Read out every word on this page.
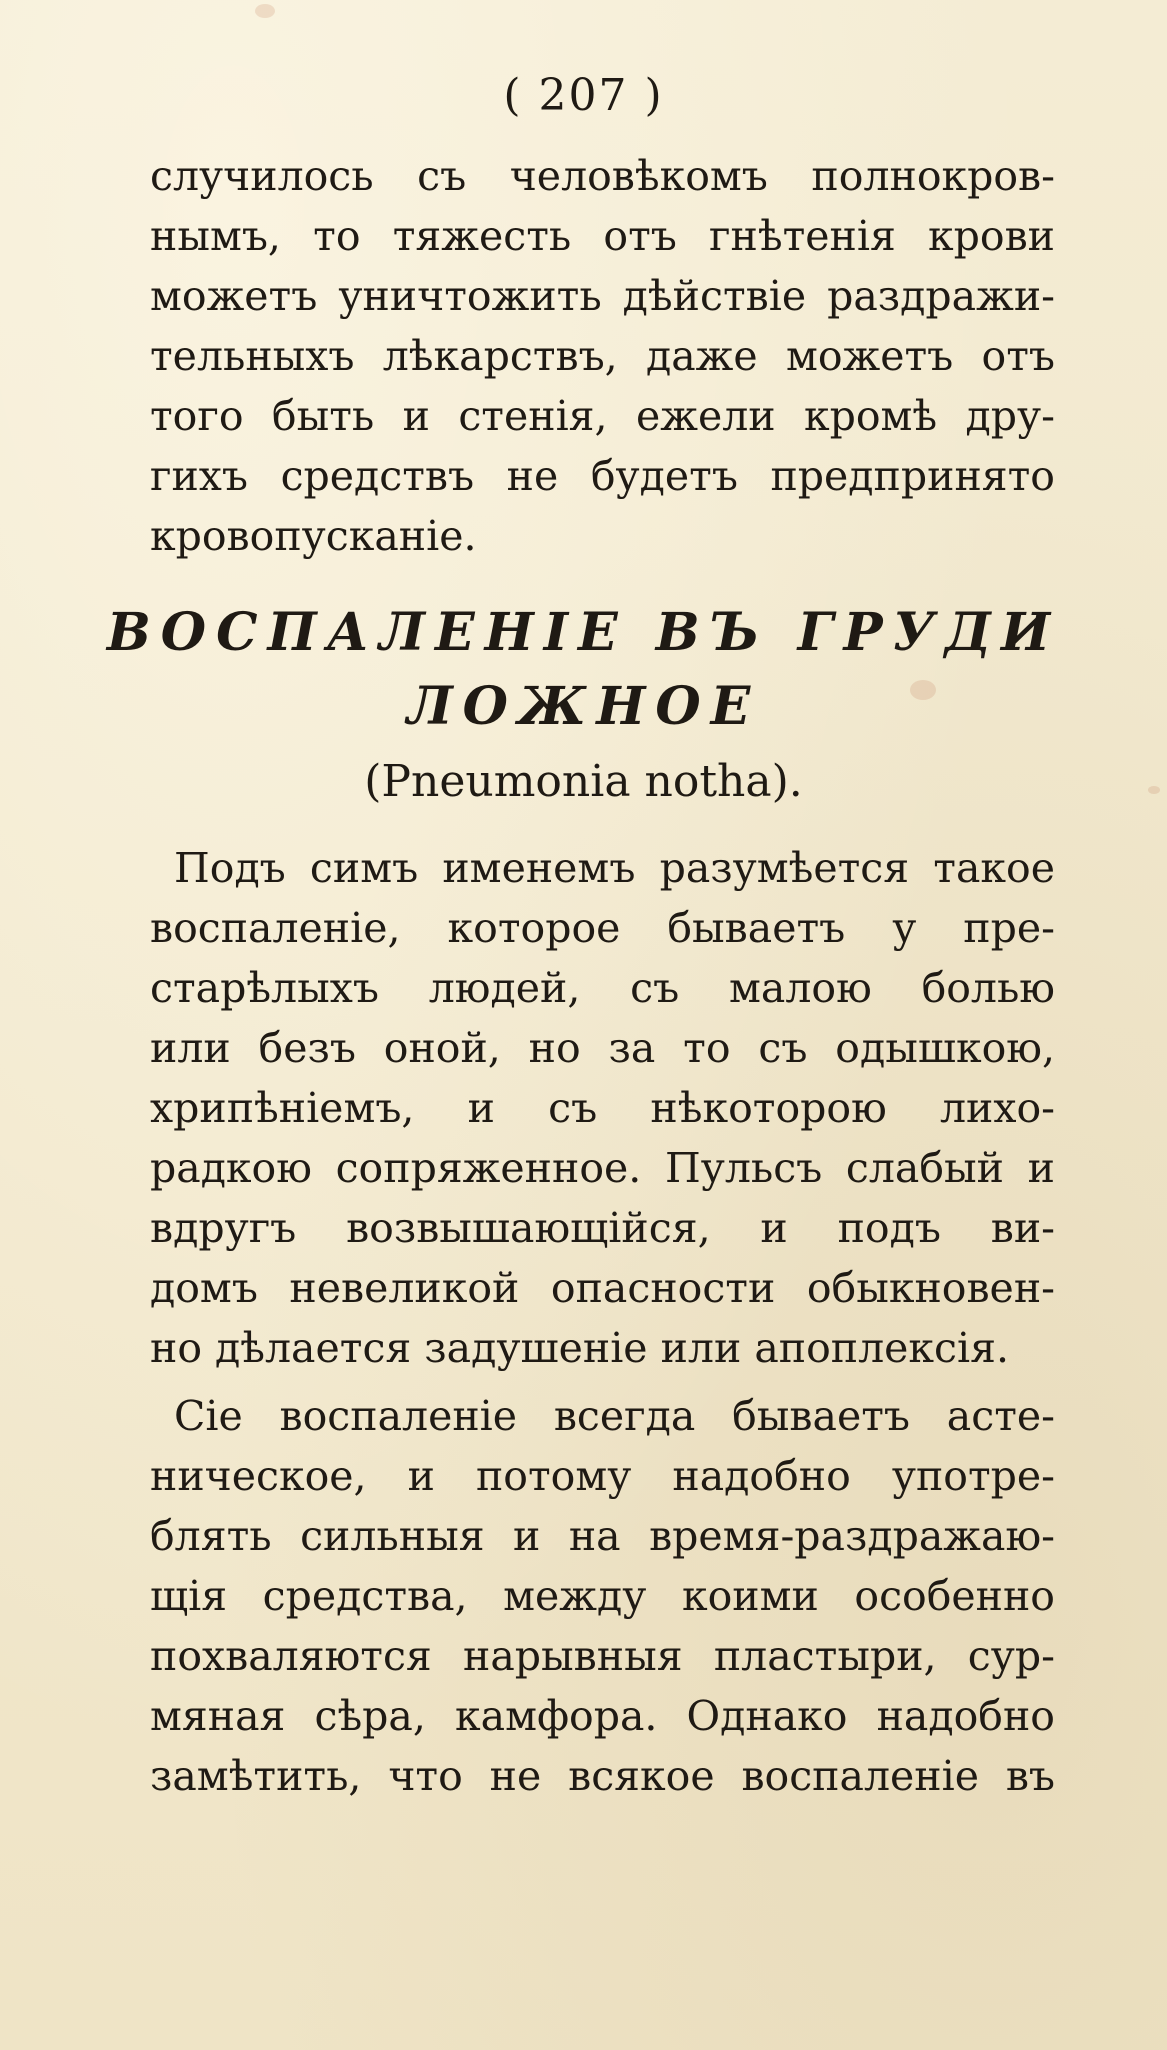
( 207 )
случилось съ человѣкомъ полнокров-
нымъ, то тяжесть отъ гнѣтенія крови
можетъ уничтожить дѣйствіе раздражи-
тельныхъ лѣкарствъ, даже можетъ отъ
того быть и стенія, ежели кромѣ дру-
гихъ средствъ не будетъ предпринято
кровопусканіе.
ВОСПАЛЕНІЕ ВЪ ГРУДИ
ЛОЖНОЕ
(Pneumonia notha).
Подъ симъ именемъ разумѣется такое
воспаленіе, которое бываетъ у пре-
старѣлыхъ людей, съ малою болью
или безъ оной, но за то съ одышкою,
хрипѣніемъ, и съ нѣкоторою лихо-
радкою сопряженное. Пульсъ слабый и
вдругъ возвышающійся, и подъ ви-
домъ невеликой опасности обыкновен-
но дѣлается задушеніе или апоплексія.
Сіе воспаленіе всегда бываетъ асте-
ническое, и потому надобно употре-
блять сильныя и на время-раздражаю-
щія средства, между коими особенно
похваляются нарывныя пластыри, сур-
мяная сѣра, камфора. Однако надобно
замѣтить, что не всякое воспаленіе въ
